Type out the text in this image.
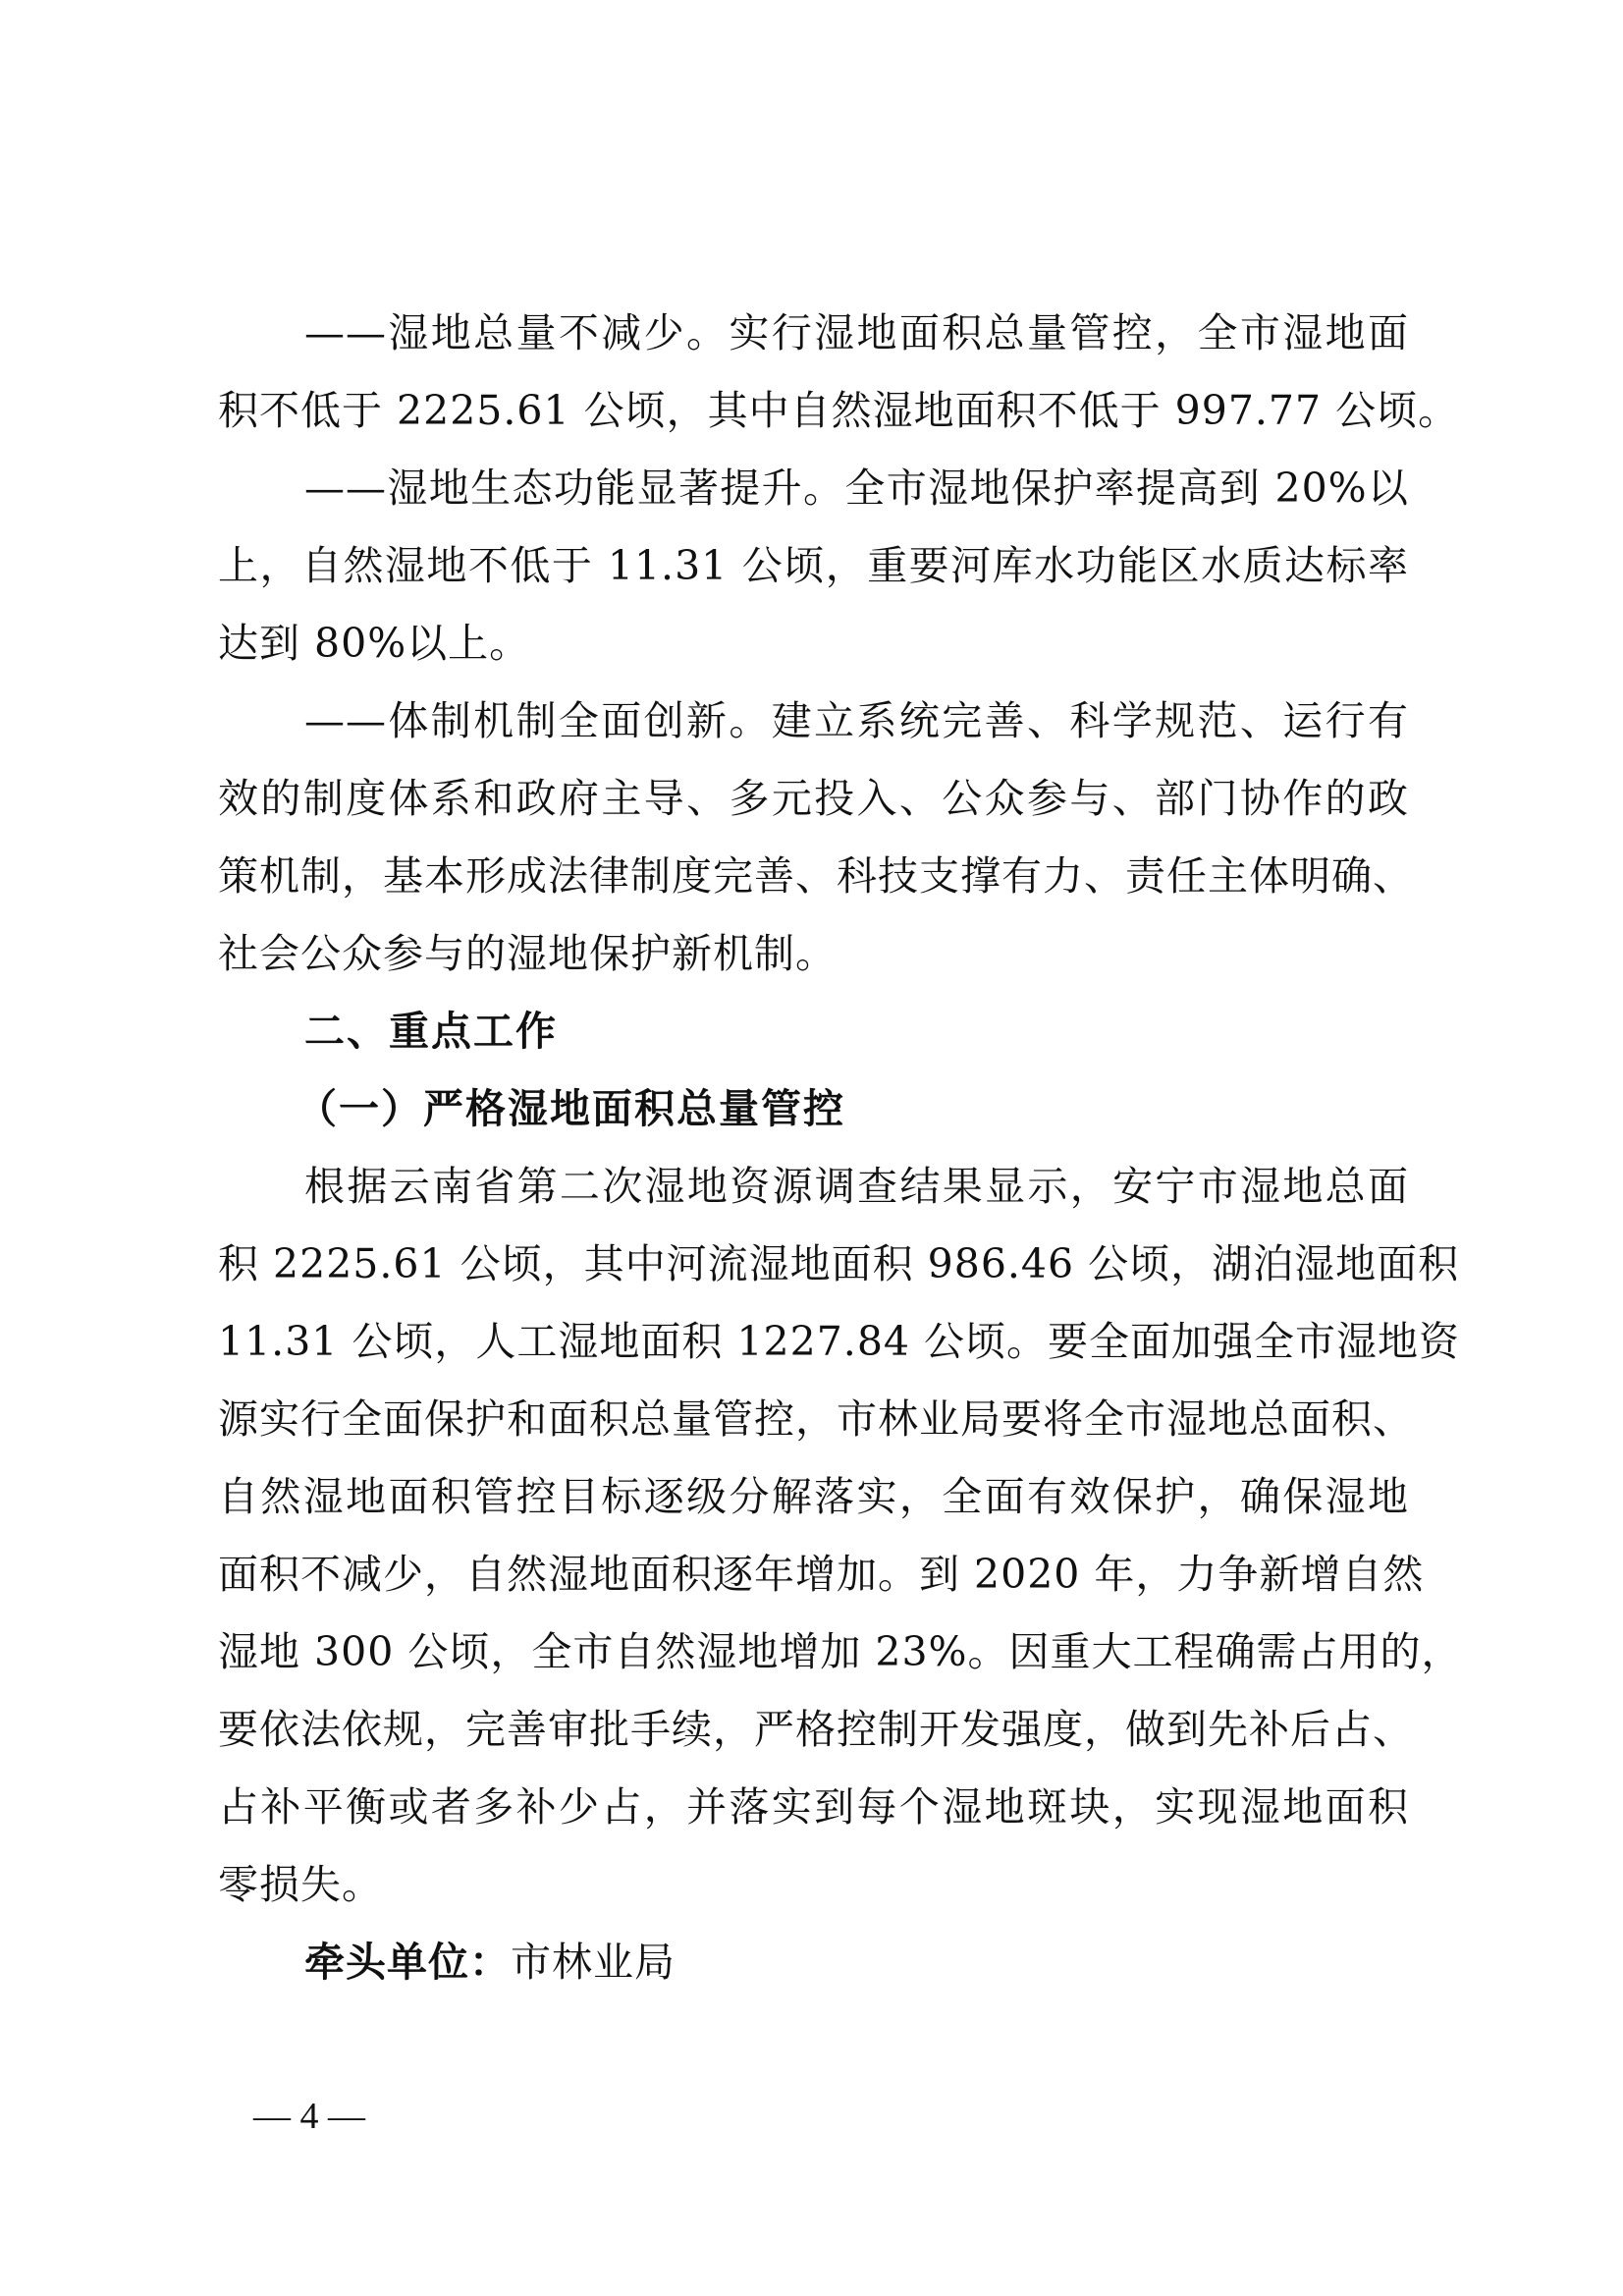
——湿地总量不减少。实行湿地面积总量管控，全市湿地面
积不低于 2225.61 公顷，其中自然湿地面积不低于 997.77 公顷。
——湿地生态功能显著提升。全市湿地保护率提高到 20%以
上，自然湿地不低于 11.31 公顷，重要河库水功能区水质达标率
达到 80%以上。
——体制机制全面创新。建立系统完善、科学规范、运行有
效的制度体系和政府主导、多元投入、公众参与、部门协作的政
策机制，基本形成法律制度完善、科技支撑有力、责任主体明确、
社会公众参与的湿地保护新机制。
二、重点工作
（一）严格湿地面积总量管控
根据云南省第二次湿地资源调查结果显示，安宁市湿地总面
积 2225.61 公顷，其中河流湿地面积 986.46 公顷，湖泊湿地面积
11.31 公顷，人工湿地面积 1227.84 公顷。要全面加强全市湿地资
源实行全面保护和面积总量管控，市林业局要将全市湿地总面积、
自然湿地面积管控目标逐级分解落实，全面有效保护，确保湿地
面积不减少，自然湿地面积逐年增加。到 2020 年，力争新增自然
湿地 300 公顷，全市自然湿地增加 23%。因重大工程确需占用的，
要依法依规，完善审批手续，严格控制开发强度，做到先补后占、
占补平衡或者多补少占，并落实到每个湿地斑块，实现湿地面积
零损失。
牵头单位：市林业局
— 4 —
